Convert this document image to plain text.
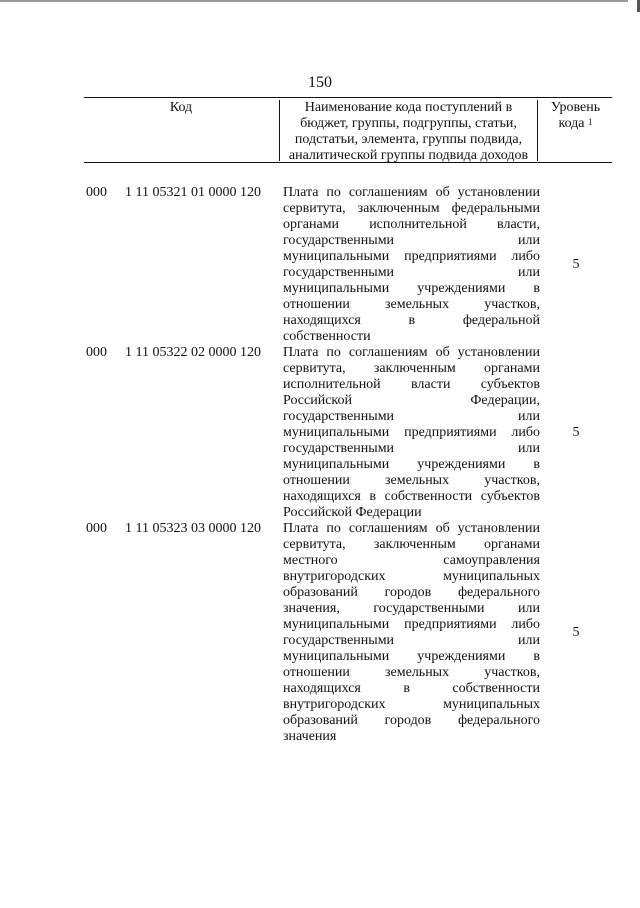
150
Код	Наименование кода поступлений в
бюджет, группы, подгруппы, статьи,
подстатьи, элемента, группы подвида,
аналитической группы подвида доходов
Уровень
кода $^1$
000	1 11 05321 01 0000 120	Плата по соглашениям об установлении
сервитута, заключенным федеральными
органами исполнительной власти,
государственными или
муниципальными предприятиями либо
государственными или
муниципальными учреждениями в
отношении земельных участков,
находящихся в федеральной
собственности
5
000	1 11 05322 02 0000 120	Плата по соглашениям об установлении
сервитута, заключенным органами
исполнительной власти субъектов
Российской Федерации,
государственными или
муниципальными предприятиями либо
государственными или
муниципальными учреждениями в
отношении земельных участков,
находящихся в собственности субъектов
Российской Федерации
5
000	1 11 05323 03 0000 120	Плата по соглашениям об установлении
сервитута, заключенным органами
местного самоуправления
внутригородских муниципальных
образований городов федерального
значения, государственными или
муниципальными предприятиями либо
государственными или
муниципальными учреждениями в
отношении земельных участков,
находящихся в собственности
внутригородских муниципальных
образований городов федерального
значения
5
